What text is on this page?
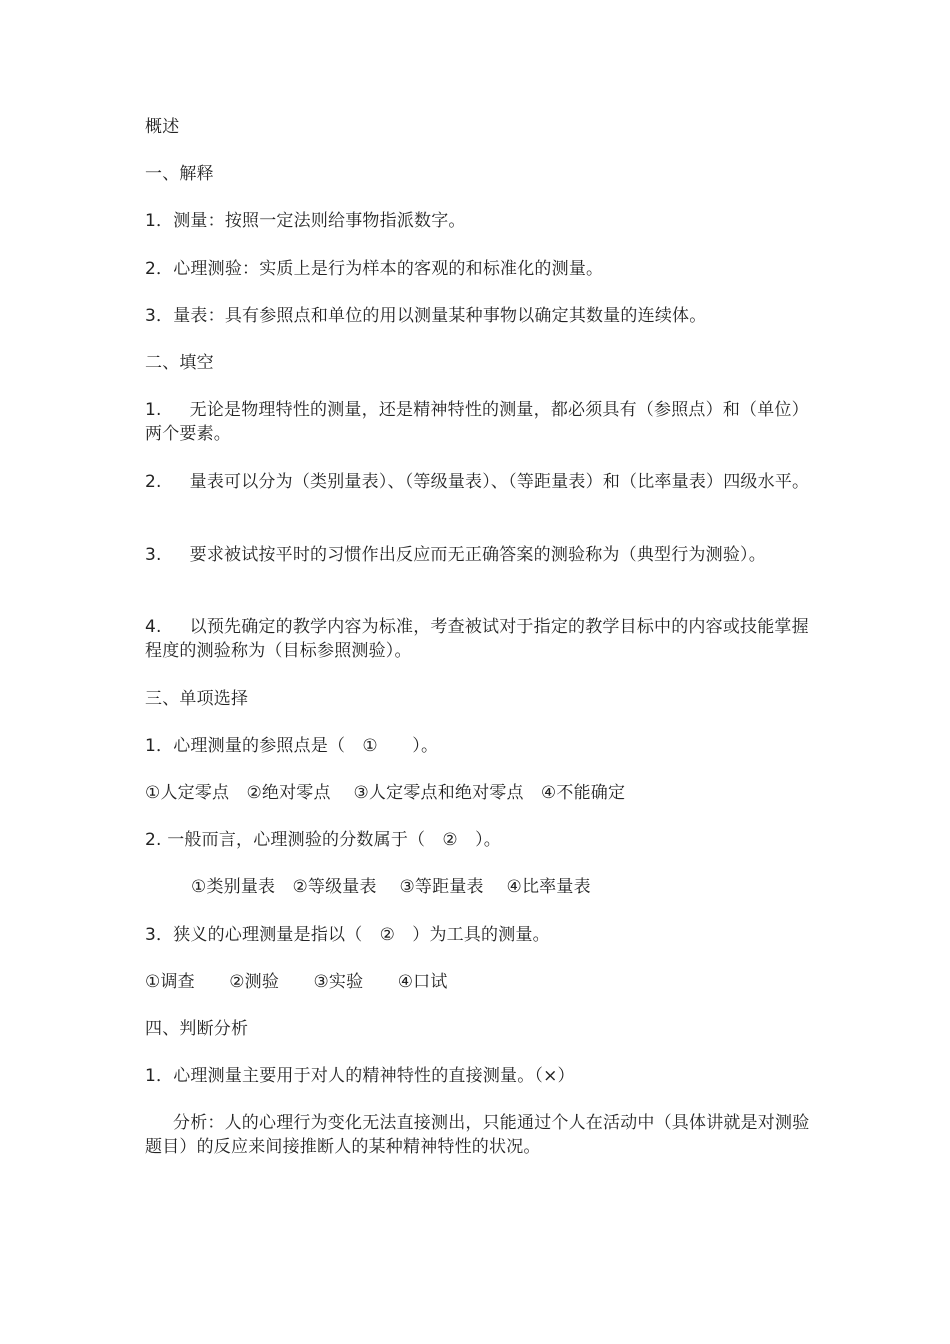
概述
一、解释
1．测量：按照一定法则给事物指派数字。
2．心理测验：实质上是行为样本的客观的和标准化的测量。
3．量表：具有参照点和单位的用以测量某种事物以确定其数量的连续体。
二、填空
1. 无论是物理特性的测量，还是精神特性的测量，都必须具有（参照点）和（单位）两个要素。
2. 量表可以分为（类别量表）、（等级量表）、（等距量表）和（比率量表）四级水平。
3. 要求被试按平时的习惯作出反应而无正确答案的测验称为（典型行为测验）。
4. 以预先确定的教学内容为标准，考查被试对于指定的教学目标中的内容或技能掌握程度的测验称为（目标参照测验）。
三、单项选择
1．心理测量的参照点是（　①　　）。
①人定零点　②绝对零点　 ③人定零点和绝对零点　④不能确定
2. 一般而言，心理测验的分数属于（　②　）。
①类别量表　②等级量表　 ③等距量表　 ④比率量表
3．狭义的心理测量是指以（　②　）为工具的测量。
①调查　　②测验　　③实验　　④口试
四、判断分析
1．心理测量主要用于对人的精神特性的直接测量。（×）
分析：人的心理行为变化无法直接测出，只能通过个人在活动中（具体讲就是对测验题目）的反应来间接推断人的某种精神特性的状况。
